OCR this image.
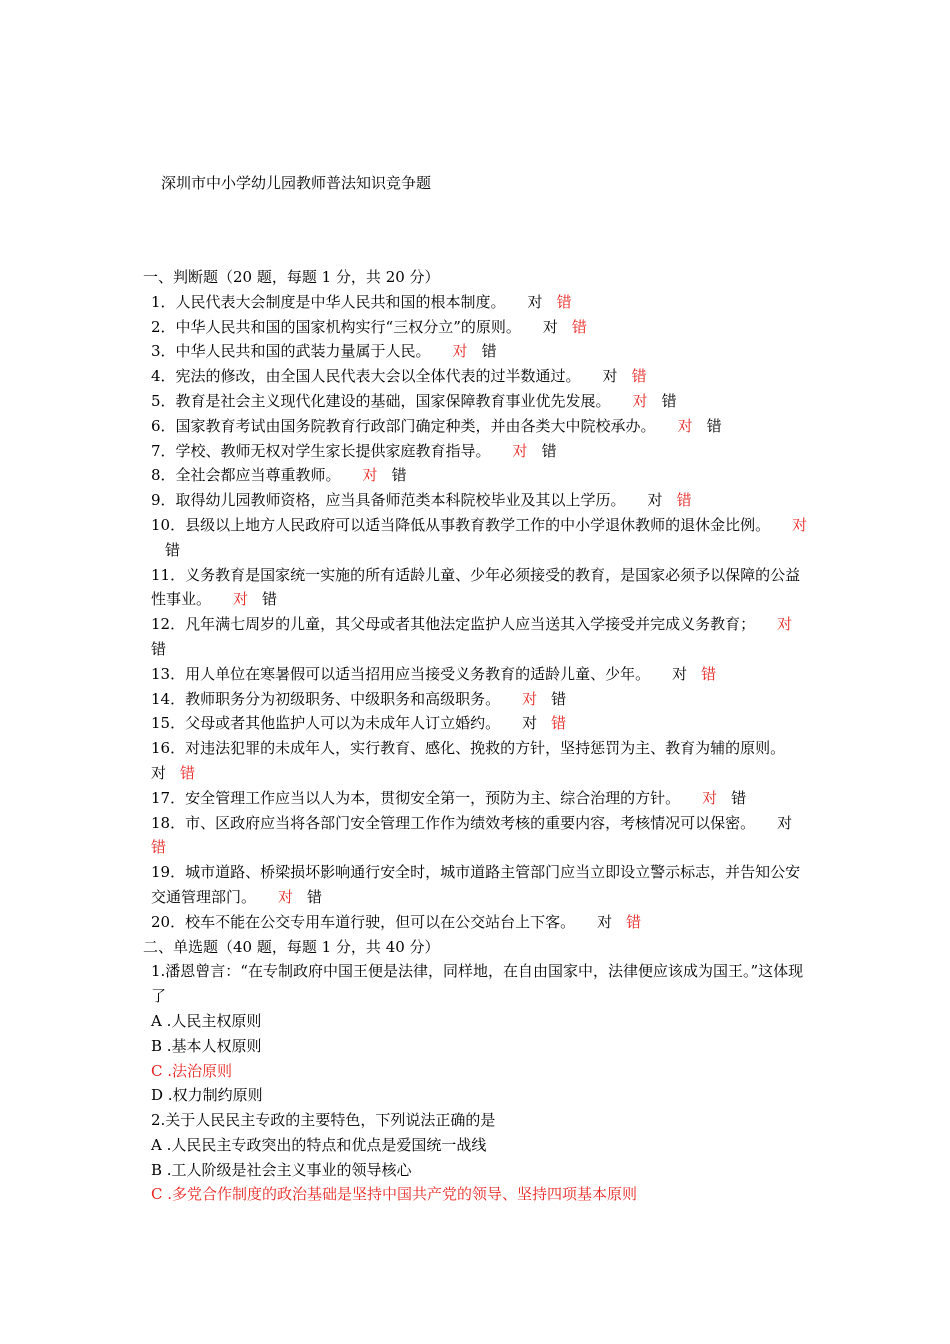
深圳市中小学幼儿园教师普法知识竞争题
一、判断题（20 题，每题 1 分，共 20 分）
1．人民代表大会制度是中华人民共和国的根本制度。 对 错
2．中华人民共和国的国家机构实行“三权分立”的原则。 对 错
3．中华人民共和国的武装力量属于人民。 对 错
4．宪法的修改，由全国人民代表大会以全体代表的过半数通过。 对 错
5．教育是社会主义现代化建设的基础，国家保障教育事业优先发展。 对 错
6．国家教育考试由国务院教育行政部门确定种类，并由各类大中院校承办。 对 错
7．学校、教师无权对学生家长提供家庭教育指导。 对 错
8．全社会都应当尊重教师。 对 错
9．取得幼儿园教师资格，应当具备师范类本科院校毕业及其以上学历。 对 错
10．县级以上地方人民政府可以适当降低从事教育教学工作的中小学退休教师的退休金比例。 对错
11．义务教育是国家统一实施的所有适龄儿童、少年必须接受的教育，是国家必须予以保障的公益性事业。 对 错
12．凡年满七周岁的儿童，其父母或者其他法定监护人应当送其入学接受并完成义务教育； 对错
13．用人单位在寒暑假可以适当招用应当接受义务教育的适龄儿童、少年。 对 错
14．教师职务分为初级职务、中级职务和高级职务。 对 错
15．父母或者其他监护人可以为未成年人订立婚约。 对 错
16．对违法犯罪的未成年人，实行教育、感化、挽救的方针，坚持惩罚为主、教育为辅的原则。对 错
17．安全管理工作应当以人为本，贯彻安全第一，预防为主、综合治理的方针。 对 错
18．市、区政府应当将各部门安全管理工作作为绩效考核的重要内容，考核情况可以保密。 对错
19．城市道路、桥梁损坏影响通行安全时，城市道路主管部门应当立即设立警示标志，并告知公安交通管理部门。 对 错
20．校车不能在公交专用车道行驶，但可以在公交站台上下客。 对 错
二、单选题（40 题，每题 1 分，共 40 分）
1.潘恩曾言：“在专制政府中国王便是法律，同样地，在自由国家中，法律便应该成为国王。”这体现了
A .人民主权原则
B .基本人权原则
C .法治原则
D .权力制约原则
2.关于人民民主专政的主要特色，下列说法正确的是
A .人民民主专政突出的特点和优点是爱国统一战线
B .工人阶级是社会主义事业的领导核心
C .多党合作制度的政治基础是坚持中国共产党的领导、坚持四项基本原则
